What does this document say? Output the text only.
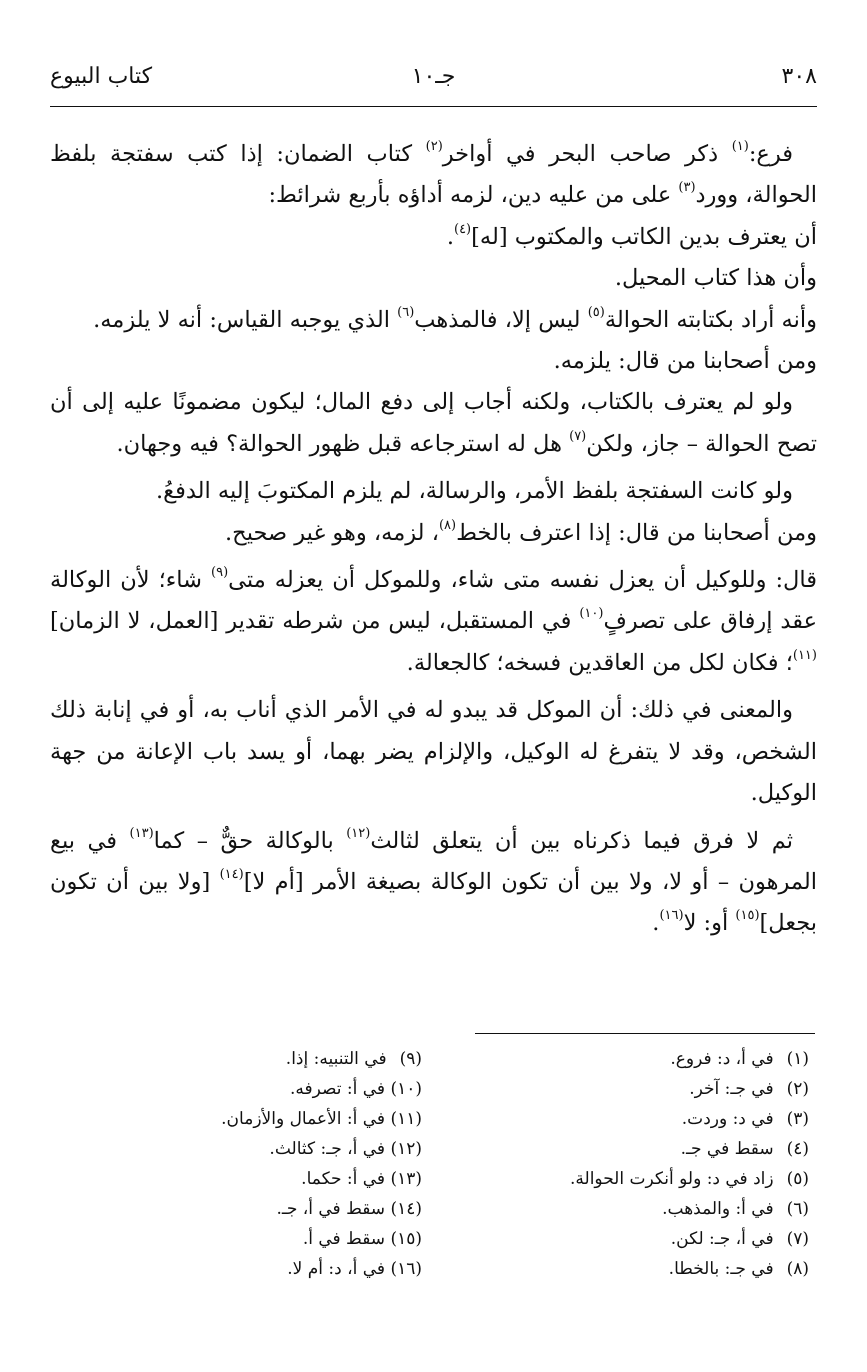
٣٠٨
جـ١٠
كتاب البيوع

فرع:$^{(١)}$ ذكر صاحب البحر في أواخر$^{(٢)}$ كتاب الضمان: إذا كتب سفتجة بلفظ الحوالة، وورد$^{(٣)}$ على من عليه دين، لزمه أداؤه بأربع شرائط:

أن يعترف بدين الكاتب والمكتوب [له]$^{(٤)}$.

وأن هذا كتاب المحيل.

وأنه أراد بكتابته الحوالة$^{(٥)}$ ليس إلا، فالمذهب$^{(٦)}$ الذي يوجبه القياس: أنه لا يلزمه.

ومن أصحابنا من قال: يلزمه.

ولو لم يعترف بالكتاب، ولكنه أجاب إلى دفع المال؛ ليكون مضمونًا عليه إلى أن تصح الحوالة – جاز، ولكن$^{(٧)}$ هل له استرجاعه قبل ظهور الحوالة؟ فيه وجهان.

ولو كانت السفتجة بلفظ الأمر، والرسالة، لم يلزم المكتوبَ إليه الدفعُ.

ومن أصحابنا من قال: إذا اعترف بالخط$^{(٨)}$، لزمه، وهو غير صحيح.

قال: وللوكيل أن يعزل نفسه متى شاء، وللموكل أن يعزله متى$^{(٩)}$ شاء؛ لأن الوكالة عقد إرفاق على تصرفٍ$^{(١٠)}$ في المستقبل، ليس من شرطه تقدير [العمل، لا الزمان]$^{(١١)}$؛ فكان لكل من العاقدين فسخه؛ كالجعالة.

والمعنى في ذلك: أن الموكل قد يبدو له في الأمر الذي أناب به، أو في إنابة ذلك الشخص، وقد لا يتفرغ له الوكيل، والإلزام يضر بهما، أو يسد باب الإعانة من جهة الوكيل.

ثم لا فرق فيما ذكرناه بين أن يتعلق لثالث$^{(١٢)}$ بالوكالة حقٌّ – كما$^{(١٣)}$ في بيع المرهون – أو لا، ولا بين أن تكون الوكالة بصيغة الأمر [أم لا]$^{(١٤)}$ [ولا بين أن تكون بجعل]$^{(١٥)}$ أو: لا$^{(١٦)}$.

(١) في أ، د: فروع.
(٢) في جـ: آخر.
(٣) في د: وردت.
(٤) سقط في جـ.
(٥) زاد في د: ولو أنكرت الحوالة.
(٦) في أ: والمذهب.
(٧) في أ، جـ: لكن.
(٨) في جـ: بالخطا.
(٩) في التنبيه: إذا.
(١٠) في أ: تصرفه.
(١١) في أ: الأعمال والأزمان.
(١٢) في أ، جـ: كثالث.
(١٣) في أ: حكما.
(١٤) سقط في أ، جـ.
(١٥) سقط في أ.
(١٦) في أ، د: أم لا.
